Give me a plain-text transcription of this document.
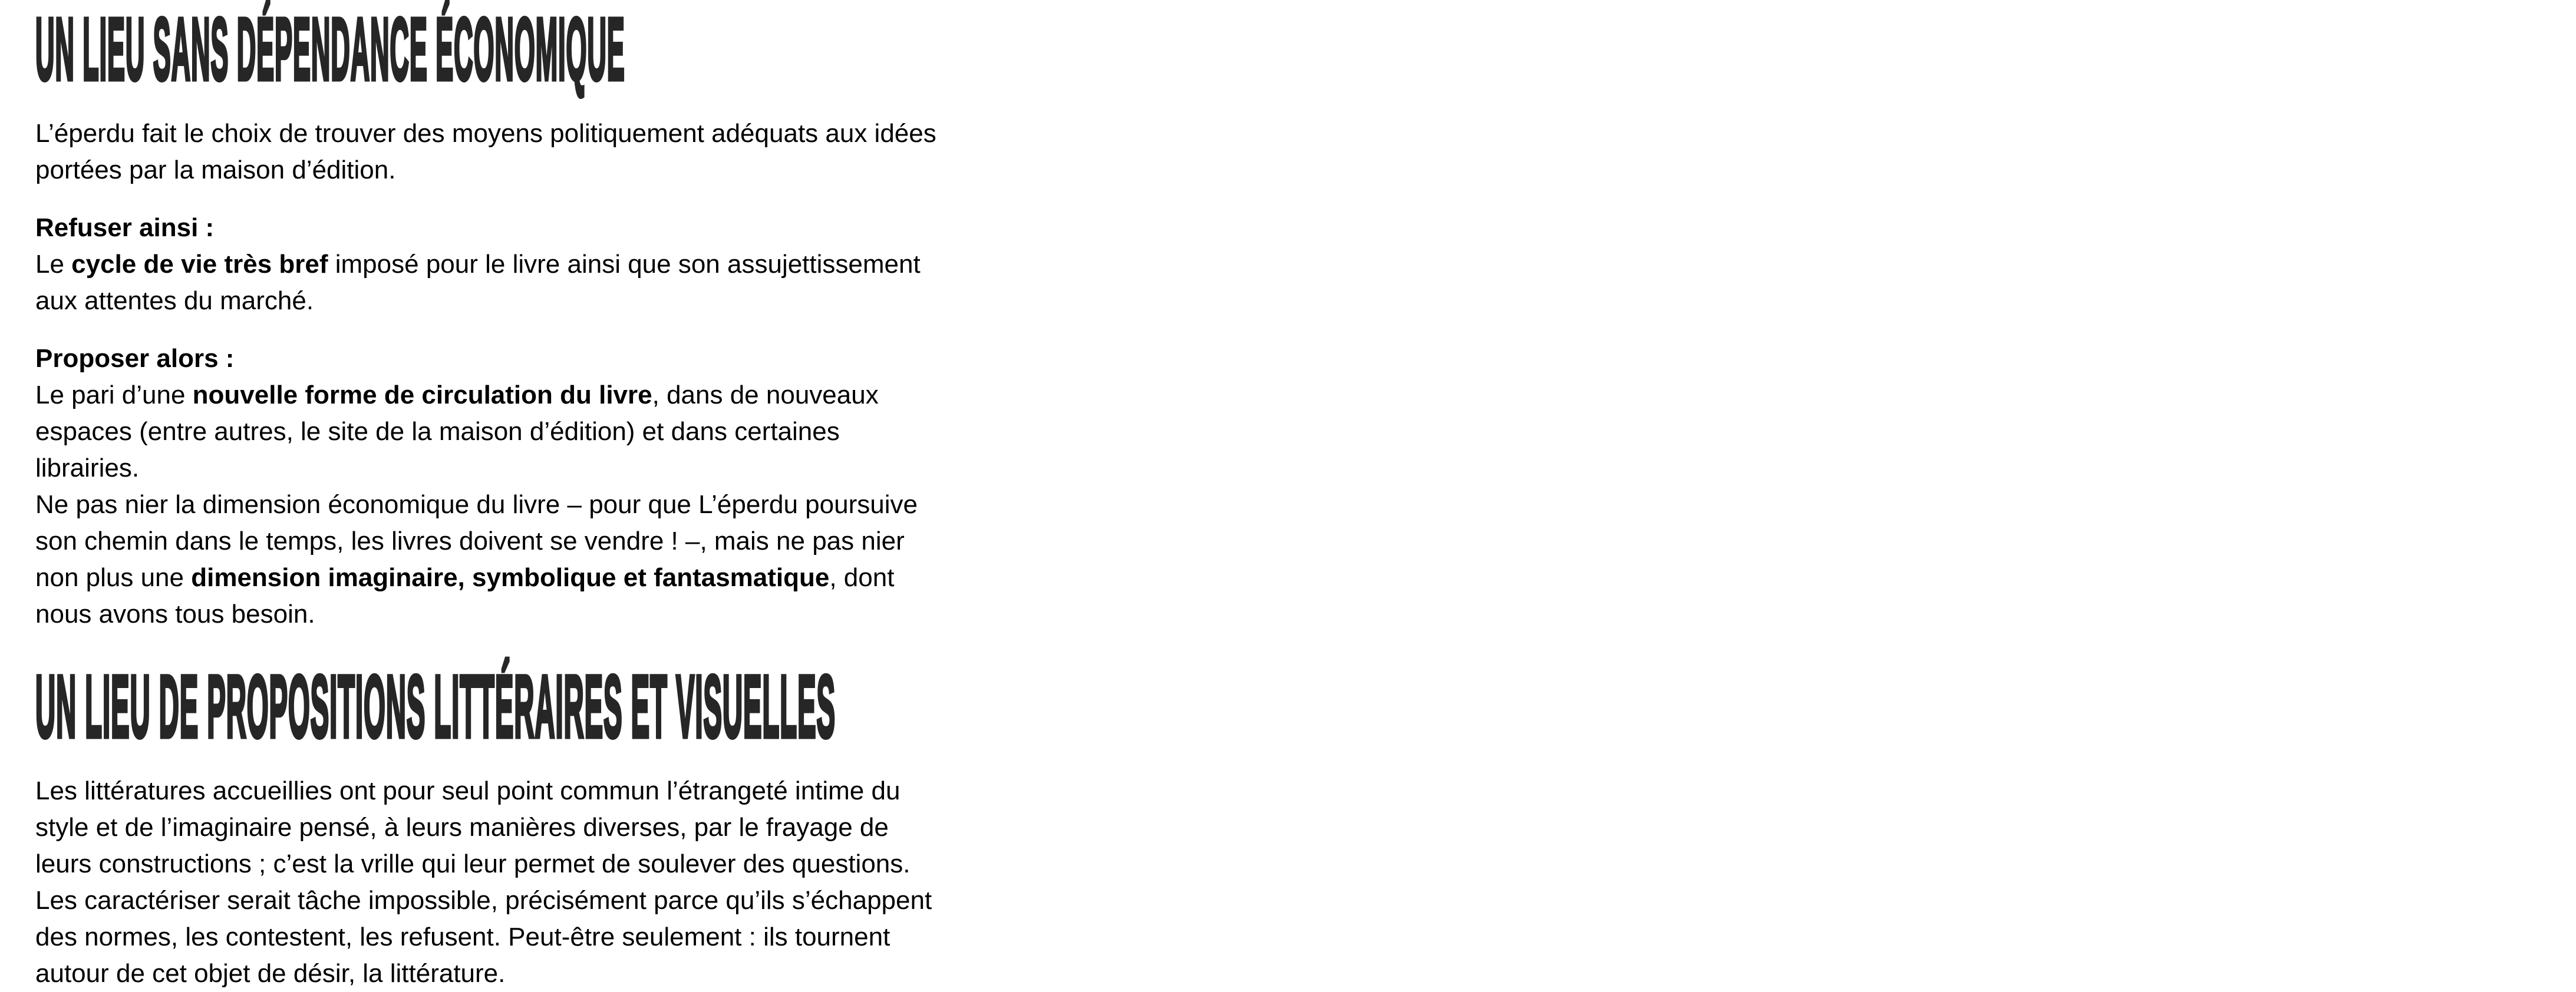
UN LIEU SANS DÉPENDANCE ÉCONOMIQUE

L’éperdu fait le choix de trouver des moyens politiquement adéquats aux idées portées par la maison d’édition.

Refuser ainsi :
Le cycle de vie très bref imposé pour le livre ainsi que son assujettissement aux attentes du marché.

Proposer alors :
Le pari d’une nouvelle forme de circulation du livre, dans de nouveaux espaces (entre autres, le site de la maison d’édition) et dans certaines librairies.
Ne pas nier la dimension économique du livre – pour que L’éperdu poursuive son chemin dans le temps, les livres doivent se vendre ! –, mais ne pas nier non plus une dimension imaginaire, symbolique et fantasmatique, dont nous avons tous besoin.

UN LIEU DE PROPOSITIONS LITTÉRAIRES ET VISUELLES

Les littératures accueillies ont pour seul point commun l’étrangeté intime du style et de l’imaginaire pensé, à leurs manières diverses, par le frayage de leurs constructions ; c’est la vrille qui leur permet de soulever des questions. Les caractériser serait tâche impossible, précisément parce qu’ils s’échappent des normes, les contestent, les refusent. Peut-être seulement : ils tournent autour de cet objet de désir, la littérature.
